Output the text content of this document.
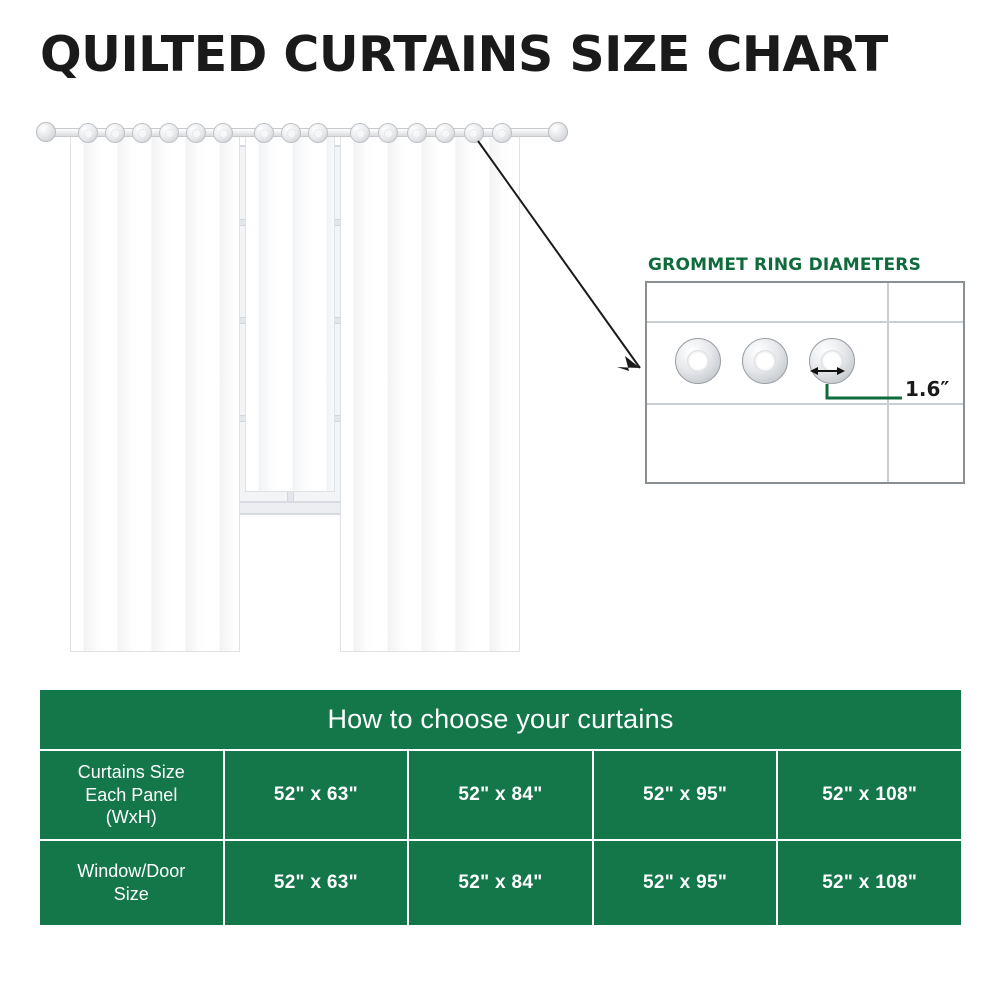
QUILTED CURTAINS SIZE CHART
GROMMET RING DIAMETERS
1.6″
How to choose your curtains				
Curtains Size
Each Panel
(WxH)	52" x 63"	52" x 84"	52" x 95"	52" x 108"
Window/Door
Size	52" x 63"	52" x 84"	52" x 95"	52" x 108"
